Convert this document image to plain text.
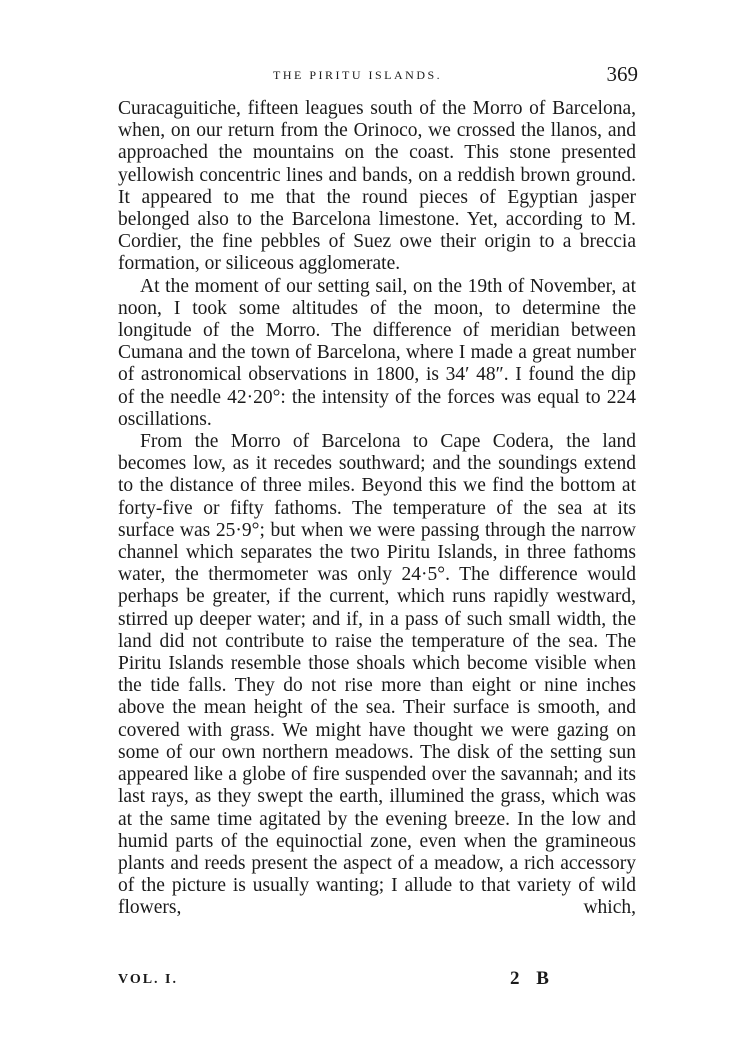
THE PIRITU ISLANDS.	369

Curacaguitiche, fifteen leagues south of the Morro of Barcelona, when, on our return from the Orinoco, we crossed the llanos, and approached the mountains on the coast. This stone presented yellowish concentric lines and bands, on a reddish brown ground. It appeared to me that the round pieces of Egyptian jasper belonged also to the Barcelona limestone. Yet, according to M. Cordier, the fine pebbles of Suez owe their origin to a breccia formation, or siliceous agglomerate.

At the moment of our setting sail, on the 19th of November, at noon, I took some altitudes of the moon, to determine the longitude of the Morro. The difference of meridian between Cumana and the town of Barcelona, where I made a great number of astronomical observations in 1800, is 34′ 48″. I found the dip of the needle 42·20°: the intensity of the forces was equal to 224 oscillations.

From the Morro of Barcelona to Cape Codera, the land becomes low, as it recedes southward; and the soundings extend to the distance of three miles. Beyond this we find the bottom at forty-five or fifty fathoms. The temperature of the sea at its surface was 25·9°; but when we were passing through the narrow channel which separates the two Piritu Islands, in three fathoms water, the thermometer was only 24·5°. The difference would perhaps be greater, if the current, which runs rapidly westward, stirred up deeper water; and if, in a pass of such small width, the land did not contribute to raise the temperature of the sea. The Piritu Islands resemble those shoals which become visible when the tide falls. They do not rise more than eight or nine inches above the mean height of the sea. Their surface is smooth, and covered with grass. We might have thought we were gazing on some of our own northern meadows. The disk of the setting sun appeared like a globe of fire suspended over the savannah; and its last rays, as they swept the earth, illumined the grass, which was at the same time agitated by the evening breeze. In the low and humid parts of the equinoctial zone, even when the gramineous plants and reeds present the aspect of a meadow, a rich accessory of the picture is usually wanting; I allude to that variety of wild flowers, which,

VOL. I.	2 B
